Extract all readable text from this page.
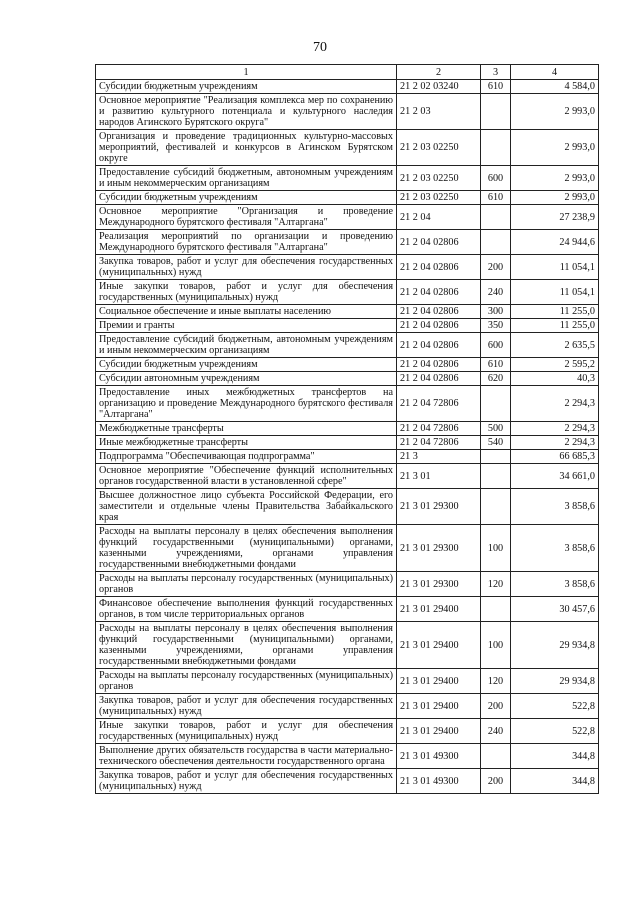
70
1	2	3	4
Субсидии бюджетным учреждениям	21 2 02 03240	610	4 584,0
Основное мероприятие "Реализация комплекса мер по сохранению и развитию культурного потенциала и культурного наследия народов Агинского Бурятского округа"	21 2 03		2 993,0
Организация и проведение традиционных культурно-массовых мероприятий, фестивалей и конкурсов в Агинском Бурятском округе	21 2 03 02250		2 993,0
Предоставление субсидий бюджетным, автономным учреждениям и иным некоммерческим организациям	21 2 03 02250	600	2 993,0
Субсидии бюджетным учреждениям	21 2 03 02250	610	2 993,0
Основное мероприятие "Организация и проведение Международного бурятского фестиваля "Алтаргана"	21 2 04		27 238,9
Реализация мероприятий по организации и проведению Международного бурятского фестиваля "Алтаргана"	21 2 04 02806		24 944,6
Закупка товаров, работ и услуг для обеспечения государственных (муниципальных) нужд	21 2 04 02806	200	11 054,1
Иные закупки товаров, работ и услуг для обеспечения государственных (муниципальных) нужд	21 2 04 02806	240	11 054,1
Социальное обеспечение и иные выплаты населению	21 2 04 02806	300	11 255,0
Премии и гранты	21 2 04 02806	350	11 255,0
Предоставление субсидий бюджетным, автономным учреждениям и иным некоммерческим организациям	21 2 04 02806	600	2 635,5
Субсидии бюджетным учреждениям	21 2 04 02806	610	2 595,2
Субсидии автономным учреждениям	21 2 04 02806	620	40,3
Предоставление иных межбюджетных трансфертов на организацию и проведение Международного бурятского фестиваля "Алтаргана"	21 2 04 72806		2 294,3
Межбюджетные трансферты	21 2 04 72806	500	2 294,3
Иные межбюджетные трансферты	21 2 04 72806	540	2 294,3
Подпрограмма "Обеспечивающая подпрограмма"	21 3		66 685,3
Основное мероприятие "Обеспечение функций исполнительных органов государственной власти в установленной сфере"	21 3 01		34 661,0
Высшее должностное лицо субъекта Российской Федерации, его заместители и отдельные члены Правительства Забайкальского края	21 3 01 29300		3 858,6
Расходы на выплаты персоналу в целях обеспечения выполнения функций государственными (муниципальными) органами, казенными учреждениями, органами управления государственными внебюджетными фондами	21 3 01 29300	100	3 858,6
Расходы на выплаты персоналу государственных (муниципальных) органов	21 3 01 29300	120	3 858,6
Финансовое обеспечение выполнения функций государственных органов, в том числе территориальных органов	21 3 01 29400		30 457,6
Расходы на выплаты персоналу в целях обеспечения выполнения функций государственными (муниципальными) органами, казенными учреждениями, органами управления государственными внебюджетными фондами	21 3 01 29400	100	29 934,8
Расходы на выплаты персоналу государственных (муниципальных) органов	21 3 01 29400	120	29 934,8
Закупка товаров, работ и услуг для обеспечения государственных (муниципальных) нужд	21 3 01 29400	200	522,8
Иные закупки товаров, работ и услуг для обеспечения государственных (муниципальных) нужд	21 3 01 29400	240	522,8
Выполнение других обязательств государства в части материально-технического обеспечения деятельности государственного органа	21 3 01 49300		344,8
Закупка товаров, работ и услуг для обеспечения государственных (муниципальных) нужд	21 3 01 49300	200	344,8
